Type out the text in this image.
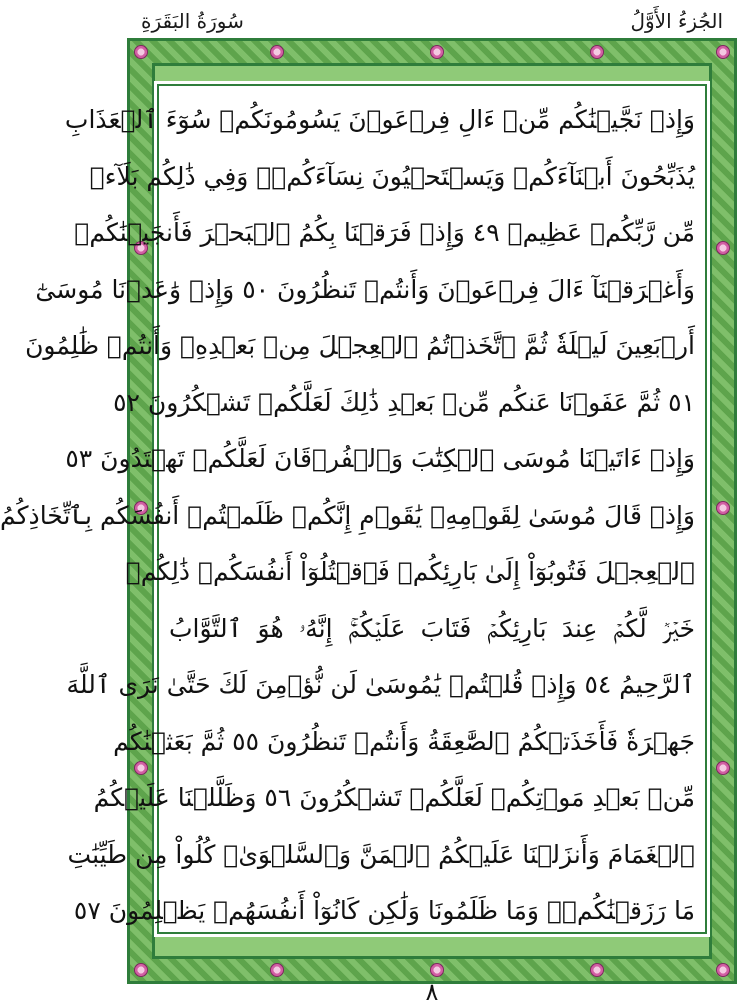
الجُزءُ الأَوَّلُ
سُورَةُ البَقَرَةِ
وَإِذۡ نَجَّيۡنَٰكُم مِّنۡ ءَالِ فِرۡعَوۡنَ يَسُومُونَكُمۡ سُوٓءَ ٱلۡعَذَابِ
يُذَبِّحُونَ أَبۡنَآءَكُمۡ وَيَسۡتَحۡيُونَ نِسَآءَكُمۡۚ وَفِي ذَٰلِكُم بَلَآءٞ
مِّن رَّبِّكُمۡ عَظِيمٞ ٤٩ وَإِذۡ فَرَقۡنَا بِكُمُ ٱلۡبَحۡرَ فَأَنجَيۡنَٰكُمۡ
وَأَغۡرَقۡنَآ ءَالَ فِرۡعَوۡنَ وَأَنتُمۡ تَنظُرُونَ ٥٠ وَإِذۡ وَٰعَدۡنَا مُوسَىٰٓ
أَرۡبَعِينَ لَيۡلَةٗ ثُمَّ ٱتَّخَذۡتُمُ ٱلۡعِجۡلَ مِنۢ بَعۡدِهِۦ وَأَنتُمۡ ظَٰلِمُونَ
٥١ ثُمَّ عَفَوۡنَا عَنكُم مِّنۢ بَعۡدِ ذَٰلِكَ لَعَلَّكُمۡ تَشۡكُرُونَ ٥٢
وَإِذۡ ءَاتَيۡنَا مُوسَى ٱلۡكِتَٰبَ وَٱلۡفُرۡقَانَ لَعَلَّكُمۡ تَهۡتَدُونَ ٥٣
وَإِذۡ قَالَ مُوسَىٰ لِقَوۡمِهِۦ يَٰقَوۡمِ إِنَّكُمۡ ظَلَمۡتُمۡ أَنفُسَكُم بِٱتِّخَاذِكُمُ
ٱلۡعِجۡلَ فَتُوبُوٓاْ إِلَىٰ بَارِئِكُمۡ فَٱقۡتُلُوٓاْ أَنفُسَكُمۡ ذَٰلِكُمۡ
خَيۡرٞ لَّكُمۡ عِندَ بَارِئِكُمۡ فَتَابَ عَلَيۡكُمۡۚ إِنَّهُۥ هُوَ ٱلتَّوَّابُ
ٱلرَّحِيمُ ٥٤ وَإِذۡ قُلۡتُمۡ يَٰمُوسَىٰ لَن نُّؤۡمِنَ لَكَ حَتَّىٰ نَرَى ٱللَّهَ
جَهۡرَةٗ فَأَخَذَتۡكُمُ ٱلصَّٰعِقَةُ وَأَنتُمۡ تَنظُرُونَ ٥٥ ثُمَّ بَعَثۡنَٰكُم
مِّنۢ بَعۡدِ مَوۡتِكُمۡ لَعَلَّكُمۡ تَشۡكُرُونَ ٥٦ وَظَلَّلۡنَا عَلَيۡكُمُ
ٱلۡغَمَامَ وَأَنزَلۡنَا عَلَيۡكُمُ ٱلۡمَنَّ وَٱلسَّلۡوَىٰۖ كُلُواْ مِن طَيِّبَٰتِ
مَا رَزَقۡنَٰكُمۡۚ وَمَا ظَلَمُونَا وَلَٰكِن كَانُوٓاْ أَنفُسَهُمۡ يَظۡلِمُونَ ٥٧
٨
